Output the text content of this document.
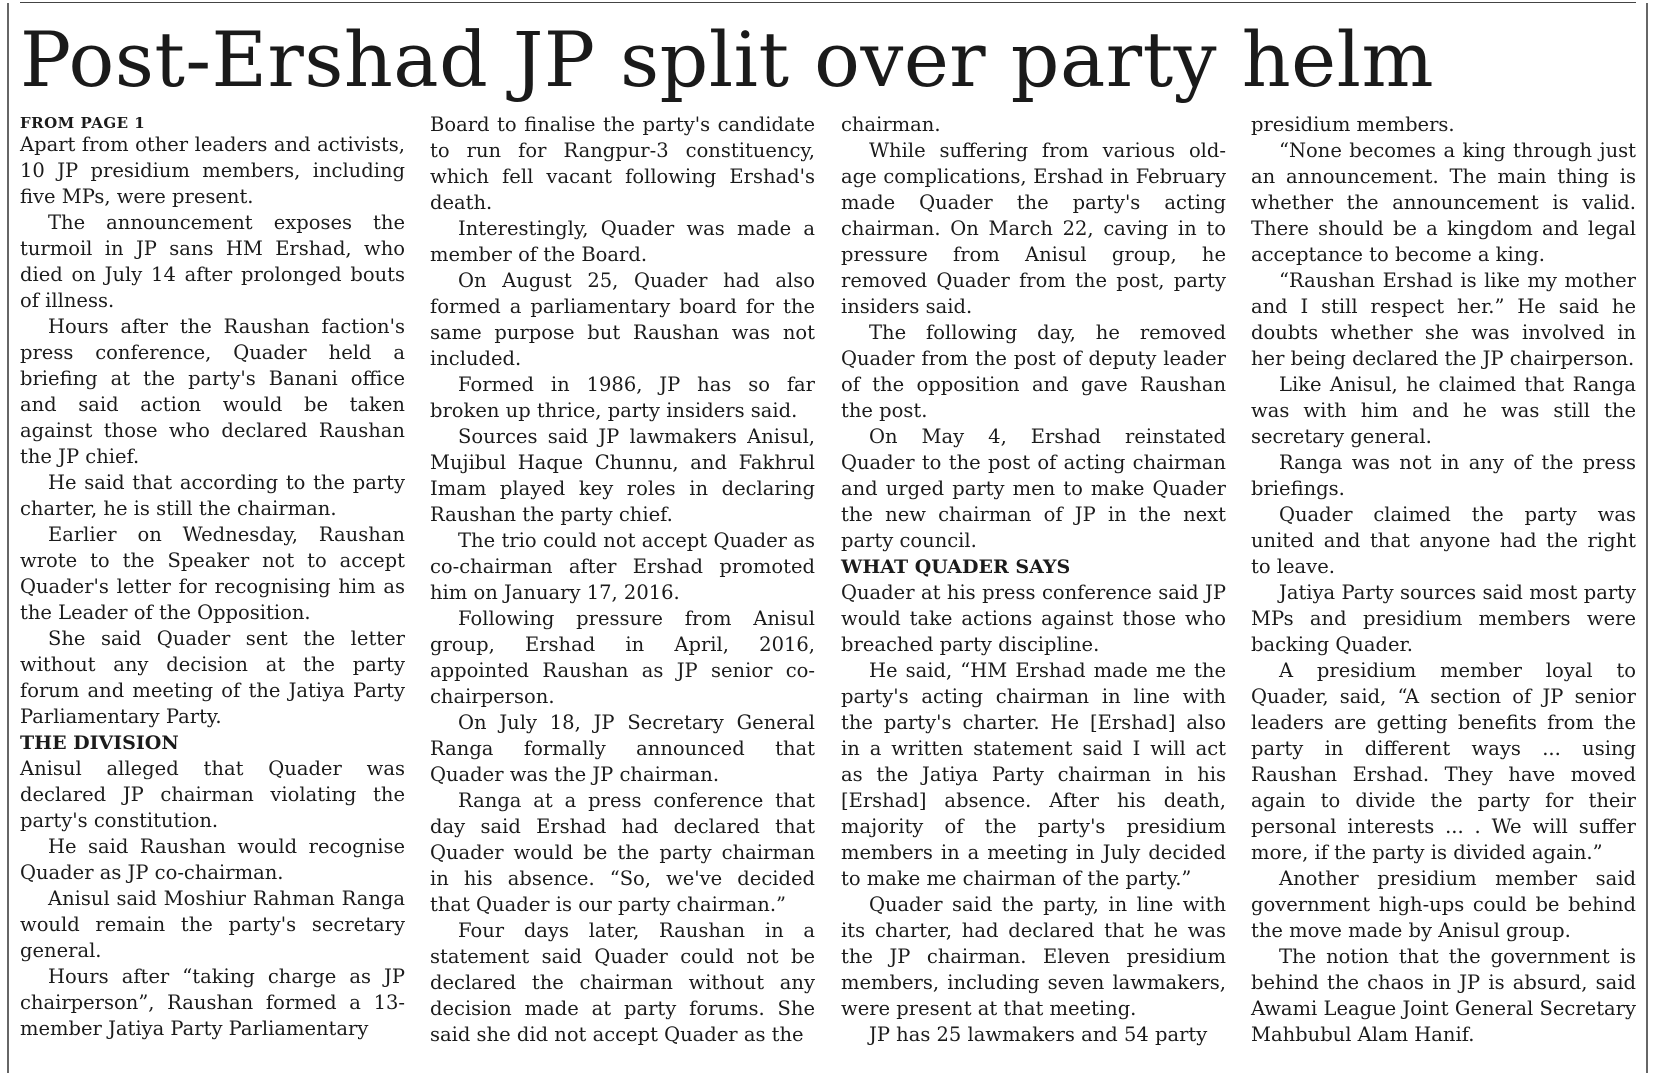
Post-Ershad JP split over party helm

FROM PAGE 1

Apart from other leaders and activists, 10 JP presidium members, including five MPs, were present.

The announcement exposes the turmoil in JP sans HM Ershad, who died on July 14 after prolonged bouts of illness.

Hours after the Raushan faction's press conference, Quader held a briefing at the party's Banani office and said action would be taken against those who declared Raushan the JP chief.

He said that according to the party charter, he is still the chairman.

Earlier on Wednesday, Raushan wrote to the Speaker not to accept Quader's letter for recognising him as the Leader of the Opposition.

She said Quader sent the letter without any decision at the party forum and meeting of the Jatiya Party Parliamentary Party.

THE DIVISION

Anisul alleged that Quader was declared JP chairman violating the party's constitution.

He said Raushan would recognise Quader as JP co-chairman.

Anisul said Moshiur Rahman Ranga would remain the party's secretary general.

Hours after “taking charge as JP chairperson”, Raushan formed a 13-member Jatiya Party Parliamentary

Board to finalise the party's candidate to run for Rangpur-3 constituency, which fell vacant following Ershad's death.

Interestingly, Quader was made a member of the Board.

On August 25, Quader had also formed a parliamentary board for the same purpose but Raushan was not included.

Formed in 1986, JP has so far broken up thrice, party insiders said.

Sources said JP lawmakers Anisul, Mujibul Haque Chunnu, and Fakhrul Imam played key roles in declaring Raushan the party chief.

The trio could not accept Quader as co-chairman after Ershad promoted him on January 17, 2016.

Following pressure from Anisul group, Ershad in April, 2016, appointed Raushan as JP senior co-chairperson.

On July 18, JP Secretary General Ranga formally announced that Quader was the JP chairman.

Ranga at a press conference that day said Ershad had declared that Quader would be the party chairman in his absence. “So, we've decided that Quader is our party chairman.”

Four days later, Raushan in a statement said Quader could not be declared the chairman without any decision made at party forums. She said she did not accept Quader as the

chairman.

While suffering from various old-age complications, Ershad in February made Quader the party's acting chairman. On March 22, caving in to pressure from Anisul group, he removed Quader from the post, party insiders said.

The following day, he removed Quader from the post of deputy leader of the opposition and gave Raushan the post.

On May 4, Ershad reinstated Quader to the post of acting chairman and urged party men to make Quader the new chairman of JP in the next party council.

WHAT QUADER SAYS

Quader at his press conference said JP would take actions against those who breached party discipline.

He said, “HM Ershad made me the party's acting chairman in line with the party's charter. He [Ershad] also in a written statement said I will act as the Jatiya Party chairman in his [Ershad] absence. After his death, majority of the party's presidium members in a meeting in July decided to make me chairman of the party.”

Quader said the party, in line with its charter, had declared that he was the JP chairman. Eleven presidium members, including seven lawmakers, were present at that meeting.

JP has 25 lawmakers and 54 party

presidium members.

“None becomes a king through just an announcement. The main thing is whether the announcement is valid. There should be a kingdom and legal acceptance to become a king.

“Raushan Ershad is like my mother and I still respect her.” He said he doubts whether she was involved in her being declared the JP chairperson.

Like Anisul, he claimed that Ranga was with him and he was still the secretary general.

Ranga was not in any of the press briefings.

Quader claimed the party was united and that anyone had the right to leave.

Jatiya Party sources said most party MPs and presidium members were backing Quader.

A presidium member loyal to Quader, said, “A section of JP senior leaders are getting benefits from the party in different ways ... using Raushan Ershad. They have moved again to divide the party for their personal interests ... . We will suffer more, if the party is divided again.”

Another presidium member said government high-ups could be behind the move made by Anisul group.

The notion that the government is behind the chaos in JP is absurd, said Awami League Joint General Secretary Mahbubul Alam Hanif.
